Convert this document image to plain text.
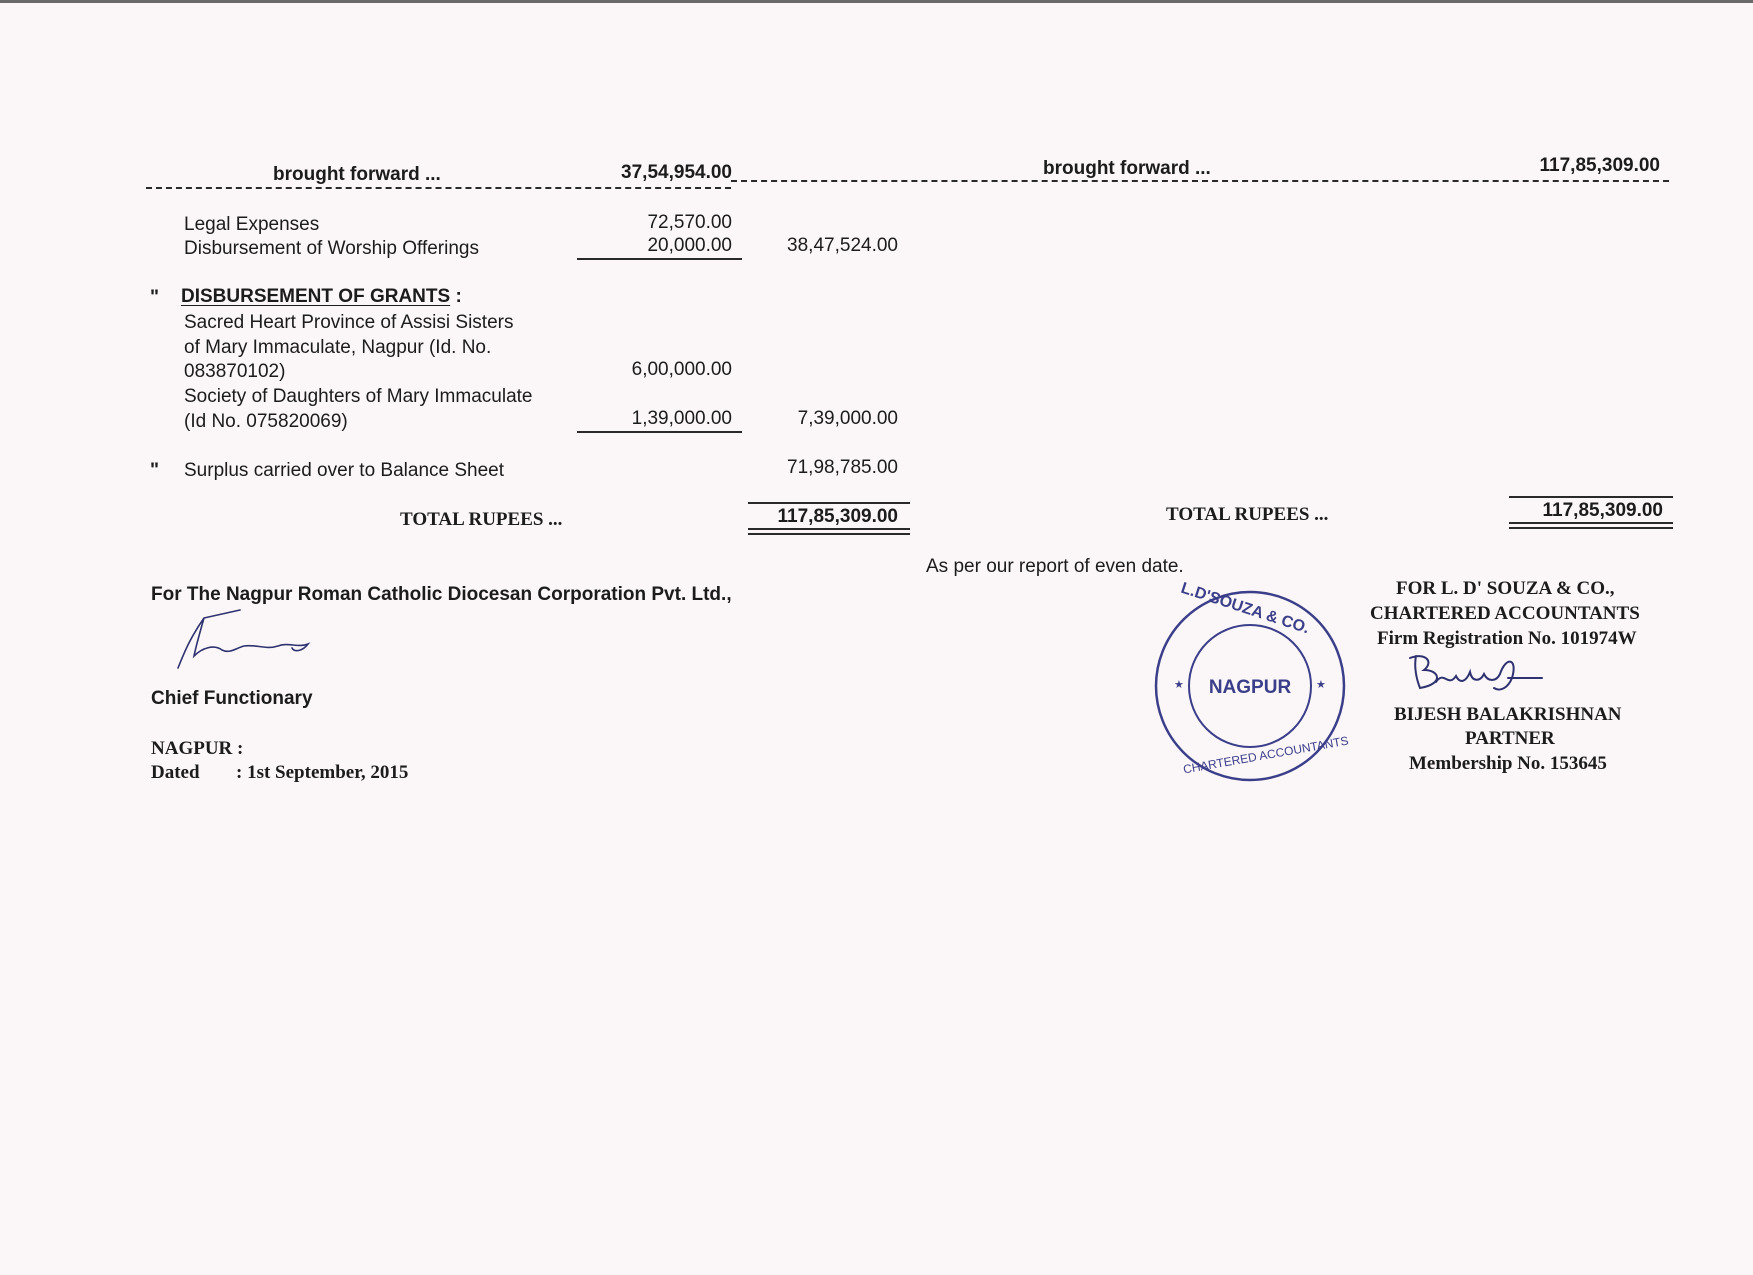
brought forward ...	37,54,954.00	brought forward ...	117,85,309.00
Legal Expenses	72,570.00
Disbursement of Worship Offerings	20,000.00	38,47,524.00
" DISBURSEMENT OF GRANTS :
Sacred Heart Province of Assisi Sisters
of Mary Immaculate, Nagpur (Id. No.
083870102)	6,00,000.00
Society of Daughters of Mary Immaculate
(Id No. 075820069)	1,39,000.00	7,39,000.00
" Surplus carried over to Balance Sheet	71,98,785.00
TOTAL RUPEES ...	117,85,309.00	TOTAL RUPEES ...	117,85,309.00
As per our report of even date.
For The Nagpur Roman Catholic Diocesan Corporation Pvt. Ltd.,
Chief Functionary
NAGPUR :
Dated : 1st September, 2015
NAGPUR
★	★
L.D'SOUZA & CO.
CHARTERED ACCOUNTANTS
FOR L. D' SOUZA & CO.,
CHARTERED ACCOUNTANTS
Firm Registration No. 101974W
BIJESH BALAKRISHNAN
PARTNER
Membership No. 153645
